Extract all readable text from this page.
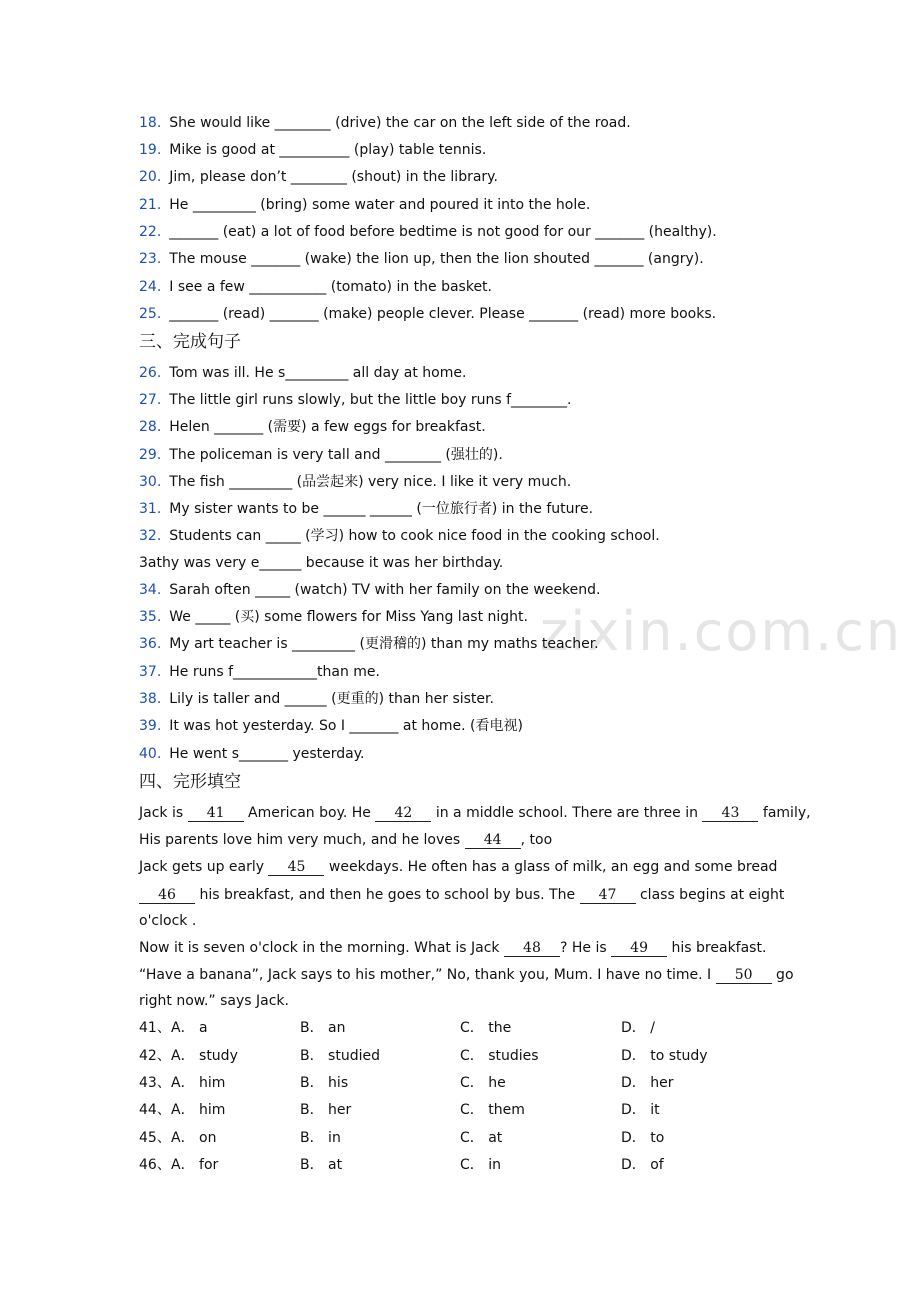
zixin.com.cn
18. She would like ________ (drive) the car on the left side of the road.
19. Mike is good at __________ (play) table tennis.
20. Jim, please don’t ________ (shout) in the library.
21. He _________ (bring) some water and poured it into the hole.
22. _______ (eat) a lot of food before bedtime is not good for our _______ (healthy).
23. The mouse _______ (wake) the lion up, then the lion shouted _______ (angry).
24. I see a few ___________ (tomato) in the basket.
25. _______ (read) _______ (make) people clever. Please _______ (read) more books.
三、完成句子
26. Tom was ill. He s_________ all day at home.
27. The little girl runs slowly, but the little boy runs f________.
28. Helen _______ (需要) a few eggs for breakfast.
29. The policeman is very tall and ________ (强壮的).
30. The fish _________ (品尝起来) very nice. I like it very much.
31. My sister wants to be ______ ______ (一位旅行者) in the future.
32. Students can _____ (学习) how to cook nice food in the cooking school.
3athy was very e______ because it was her birthday.
34. Sarah often _____ (watch) TV with her family on the weekend.
35. We _____ (买) some flowers for Miss Yang last night.
36. My art teacher is _________ (更滑稽的) than my maths teacher.
37. He runs f____________than me.
38. Lily is taller and ______ (更重的) than her sister.
39. It was hot yesterday. So I _______ at home. (看电视)
40. He went s_______ yesterday.
四、完形填空
Jack is 41 American boy. He 42 in a middle school. There are three in 43 family,
His parents love him very much, and he loves 44 , too
Jack gets up early 45 weekdays. He often has a glass of milk, an egg and some bread
46 his breakfast, and then he goes to school by bus. The 47 class begins at eight
o'clock .
Now it is seven o'clock in the morning. What is Jack 48 ? He is 49 his breakfast.
“Have a banana”, Jack says to his mother,” No, thank you, Mum. I have no time. I 50 go
right now.” says Jack.
41、 A． a	B． an	C． the	D． /
42、 A． study	B． studied	C． studies	D． to study
43、 A． him	B． his	C． he	D． her
44、 A． him	B． her	C． them	D． it
45、 A． on	B． in	C． at	D． to
46、 A． for	B． at	C． in	D． of
